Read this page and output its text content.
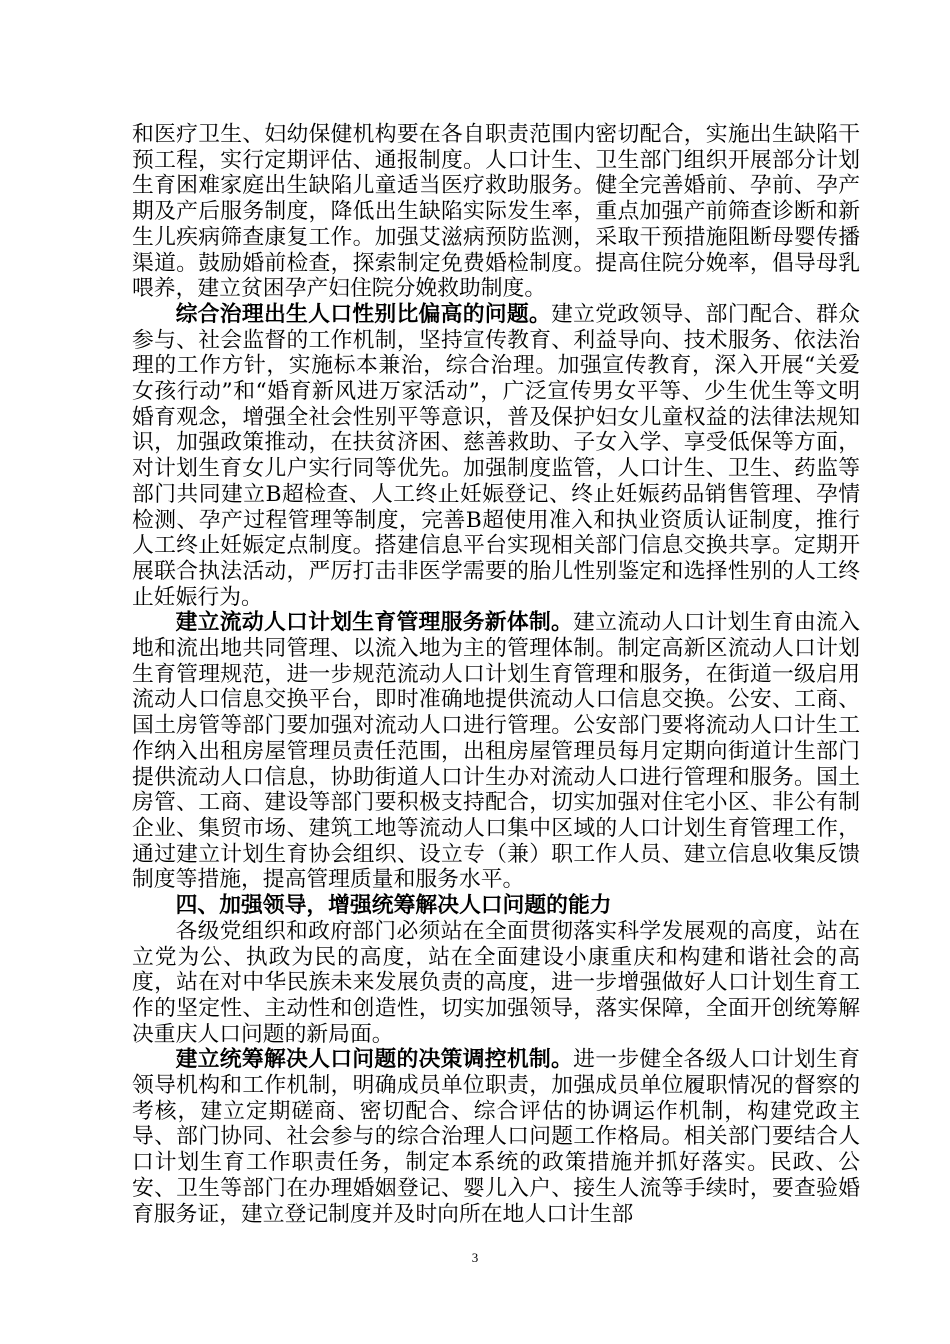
和医疗卫生、妇幼保健机构要在各自职责范围内密切配合，实施出生缺陷干预工程，实行定期评估、通报制度。人口计生、卫生部门组织开展部分计划生育困难家庭出生缺陷儿童适当医疗救助服务。健全完善婚前、孕前、孕产期及产后服务制度，降低出生缺陷实际发生率，重点加强产前筛查诊断和新生儿疾病筛查康复工作。加强艾滋病预防监测，采取干预措施阻断母婴传播渠道。鼓励婚前检查，探索制定免费婚检制度。提高住院分娩率，倡导母乳喂养，建立贫困孕产妇住院分娩救助制度。

综合治理出生人口性别比偏高的问题。建立党政领导、部门配合、群众参与、社会监督的工作机制，坚持宣传教育、利益导向、技术服务、依法治理的工作方针，实施标本兼治，综合治理。加强宣传教育，深入开展“关爱女孩行动”和“婚育新风进万家活动”，广泛宣传男女平等、少生优生等文明婚育观念，增强全社会性别平等意识，普及保护妇女儿童权益的法律法规知识，加强政策推动，在扶贫济困、慈善救助、子女入学、享受低保等方面，对计划生育女儿户实行同等优先。加强制度监管，人口计生、卫生、药监等部门共同建立B超检查、人工终止妊娠登记、终止妊娠药品销售管理、孕情检测、孕产过程管理等制度，完善B超使用准入和执业资质认证制度，推行人工终止妊娠定点制度。搭建信息平台实现相关部门信息交换共享。定期开展联合执法活动，严厉打击非医学需要的胎儿性别鉴定和选择性别的人工终止妊娠行为。

建立流动人口计划生育管理服务新体制。建立流动人口计划生育由流入地和流出地共同管理、以流入地为主的管理体制。制定高新区流动人口计划生育管理规范，进一步规范流动人口计划生育管理和服务，在街道一级启用流动人口信息交换平台，即时准确地提供流动人口信息交换。公安、工商、国土房管等部门要加强对流动人口进行管理。公安部门要将流动人口计生工作纳入出租房屋管理员责任范围，出租房屋管理员每月定期向街道计生部门提供流动人口信息，协助街道人口计生办对流动人口进行管理和服务。国土房管、工商、建设等部门要积极支持配合，切实加强对住宅小区、非公有制企业、集贸市场、建筑工地等流动人口集中区域的人口计划生育管理工作，通过建立计划生育协会组织、设立专（兼）职工作人员、建立信息收集反馈制度等措施，提高管理质量和服务水平。

四、加强领导，增强统筹解决人口问题的能力

各级党组织和政府部门必须站在全面贯彻落实科学发展观的高度，站在立党为公、执政为民的高度，站在全面建设小康重庆和构建和谐社会的高度，站在对中华民族未来发展负责的高度，进一步增强做好人口计划生育工作的坚定性、主动性和创造性，切实加强领导，落实保障，全面开创统筹解决重庆人口问题的新局面。

建立统筹解决人口问题的决策调控机制。进一步健全各级人口计划生育领导机构和工作机制，明确成员单位职责，加强成员单位履职情况的督察的考核，建立定期磋商、密切配合、综合评估的协调运作机制，构建党政主导、部门协同、社会参与的综合治理人口问题工作格局。相关部门要结合人口计划生育工作职责任务，制定本系统的政策措施并抓好落实。民政、公安、卫生等部门在办理婚姻登记、婴儿入户、接生人流等手续时，要查验婚育服务证，建立登记制度并及时向所在地人口计生部

3
